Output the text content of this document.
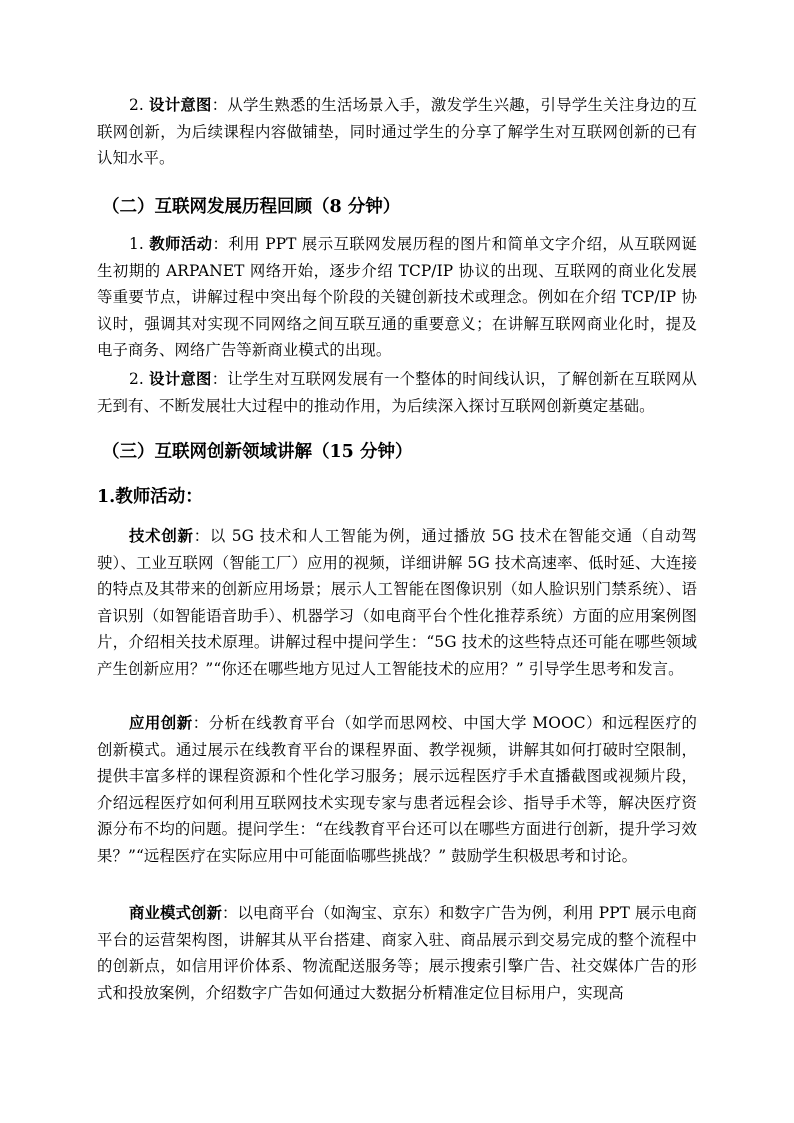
2. 设计意图：从学生熟悉的生活场景入手，激发学生兴趣，引导学生关注身边的互联网创新，为后续课程内容做铺垫，同时通过学生的分享了解学生对互联网创新的已有认知水平。

（二）互联网发展历程回顾（8 分钟）

1. 教师活动：利用 PPT 展示互联网发展历程的图片和简单文字介绍，从互联网诞生初期的 ARPANET 网络开始，逐步介绍 TCP/IP 协议的出现、互联网的商业化发展等重要节点，讲解过程中突出每个阶段的关键创新技术或理念。例如在介绍 TCP/IP 协议时，强调其对实现不同网络之间互联互通的重要意义；在讲解互联网商业化时，提及电子商务、网络广告等新商业模式的出现。

2. 设计意图：让学生对互联网发展有一个整体的时间线认识，了解创新在互联网从无到有、不断发展壮大过程中的推动作用，为后续深入探讨互联网创新奠定基础。

（三）互联网创新领域讲解（15 分钟）
1.教师活动：

技术创新：以 5G 技术和人工智能为例，通过播放 5G 技术在智能交通（自动驾驶）、工业互联网（智能工厂）应用的视频，详细讲解 5G 技术高速率、低时延、大连接的特点及其带来的创新应用场景；展示人工智能在图像识别（如人脸识别门禁系统）、语音识别（如智能语音助手）、机器学习（如电商平台个性化推荐系统）方面的应用案例图片，介绍相关技术原理。讲解过程中提问学生：“5G 技术的这些特点还可能在哪些领域产生创新应用？”“你还在哪些地方见过人工智能技术的应用？” 引导学生思考和发言。

应用创新：分析在线教育平台（如学而思网校、中国大学 MOOC）和远程医疗的创新模式。通过展示在线教育平台的课程界面、教学视频，讲解其如何打破时空限制，提供丰富多样的课程资源和个性化学习服务；展示远程医疗手术直播截图或视频片段，介绍远程医疗如何利用互联网技术实现专家与患者远程会诊、指导手术等，解决医疗资源分布不均的问题。提问学生：“在线教育平台还可以在哪些方面进行创新，提升学习效果？”“远程医疗在实际应用中可能面临哪些挑战？” 鼓励学生积极思考和讨论。

商业模式创新：以电商平台（如淘宝、京东）和数字广告为例，利用 PPT 展示电商平台的运营架构图，讲解其从平台搭建、商家入驻、商品展示到交易完成的整个流程中的创新点，如信用评价体系、物流配送服务等；展示搜索引擎广告、社交媒体广告的形式和投放案例，介绍数字广告如何通过大数据分析精准定位目标用户，实现高
